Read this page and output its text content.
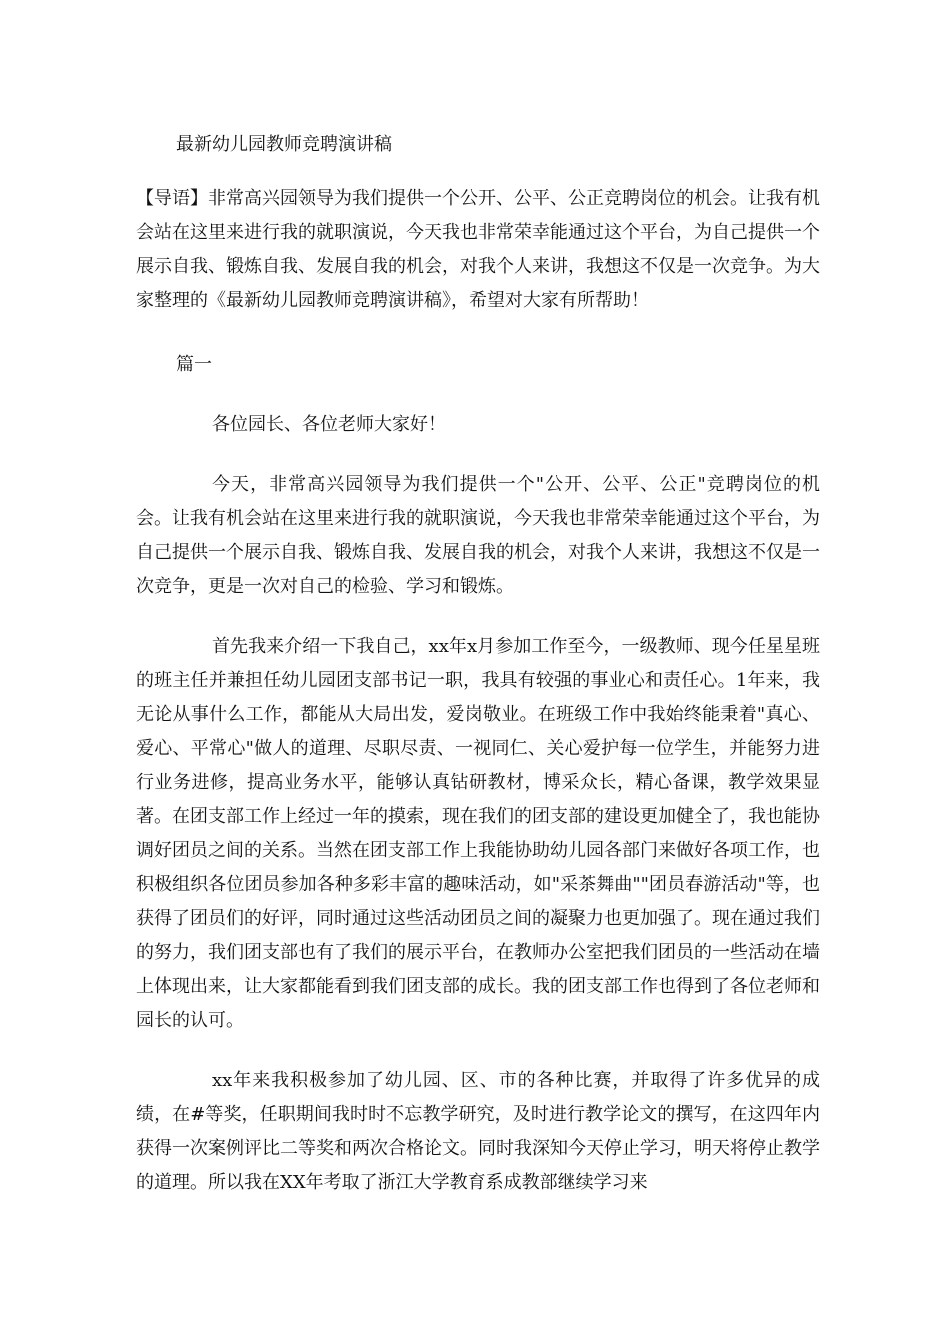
最新幼儿园教师竞聘演讲稿

【导语】非常高兴园领导为我们提供一个公开、公平、公正竞聘岗位的机会。让我有机会站在这里来进行我的就职演说，今天我也非常荣幸能通过这个平台，为自己提供一个展示自我、锻炼自我、发展自我的机会，对我个人来讲，我想这不仅是一次竞争。为大家整理的《最新幼儿园教师竞聘演讲稿》，希望对大家有所帮助！

篇一

各位园长、各位老师大家好！

今天，非常高兴园领导为我们提供一个"公开、公平、公正"竞聘岗位的机会。让我有机会站在这里来进行我的就职演说，今天我也非常荣幸能通过这个平台，为自己提供一个展示自我、锻炼自我、发展自我的机会，对我个人来讲，我想这不仅是一次竞争，更是一次对自己的检验、学习和锻炼。

首先我来介绍一下我自己，xx年x月参加工作至今，一级教师、现今任星星班的班主任并兼担任幼儿园团支部书记一职，我具有较强的事业心和责任心。1年来，我无论从事什么工作，都能从大局出发，爱岗敬业。在班级工作中我始终能秉着"真心、爱心、平常心"做人的道理、尽职尽责、一视同仁、关心爱护每一位学生，并能努力进行业务进修，提高业务水平，能够认真钻研教材，博采众长，精心备课，教学效果显著。在团支部工作上经过一年的摸索，现在我们的团支部的建设更加健全了，我也能协调好团员之间的关系。当然在团支部工作上我能协助幼儿园各部门来做好各项工作，也积极组织各位团员参加各种多彩丰富的趣味活动，如"采茶舞曲""团员春游活动"等，也获得了团员们的好评，同时通过这些活动团员之间的凝聚力也更加强了。现在通过我们的努力，我们团支部也有了我们的展示平台，在教师办公室把我们团员的一些活动在墙上体现出来，让大家都能看到我们团支部的成长。我的团支部工作也得到了各位老师和园长的认可。

xx年来我积极参加了幼儿园、区、市的各种比赛，并取得了许多优异的成绩，在#等奖，任职期间我时时不忘教学研究，及时进行教学论文的撰写，在这四年内获得一次案例评比二等奖和两次合格论文。同时我深知今天停止学习，明天将停止教学的道理。所以我在XX年考取了浙江大学教育系成教部继续学习来
